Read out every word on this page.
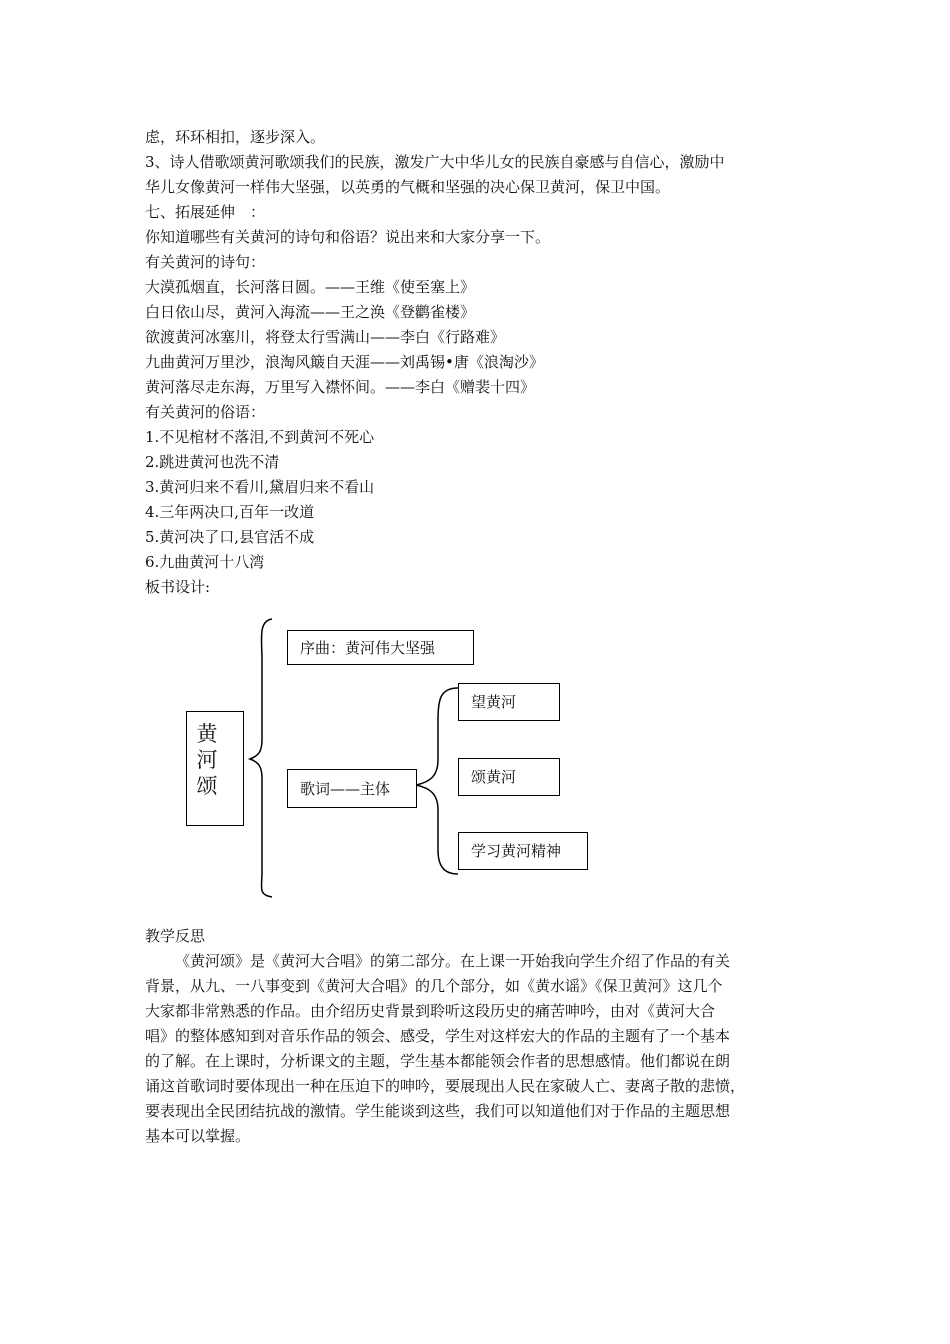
虑，环环相扣，逐步深入。
3、诗人借歌颂黄河歌颂我们的民族，激发广大中华儿女的民族自豪感与自信心，激励中
华儿女像黄河一样伟大坚强，以英勇的气概和坚强的决心保卫黄河，保卫中国。
七、拓展延伸　：
你知道哪些有关黄河的诗句和俗语？说出来和大家分享一下。
有关黄河的诗句：
大漠孤烟直，长河落日圆。——王维《使至塞上》
白日依山尽，黄河入海流——王之涣《登鹳雀楼》
欲渡黄河冰塞川，将登太行雪满山——李白《行路难》
九曲黄河万里沙，浪淘风簸自天涯——刘禹锡•唐《浪淘沙》
黄河落尽走东海，万里写入襟怀间。——李白《赠裴十四》
有关黄河的俗语：
1.不见棺材不落泪,不到黄河不死心
2.跳进黄河也洗不清
3.黄河归来不看川,黛眉归来不看山
4.三年两决口,百年一改道
5.黄河决了口,县官活不成
6.九曲黄河十八湾
板书设计:
黄
河
颂
序曲：黄河伟大坚强
歌词——主体
望黄河
颂黄河
学习黄河精神
教学反思
《黄河颂》是《黄河大合唱》的第二部分。在上课一开始我向学生介绍了作品的有关
背景，从九、一八事变到《黄河大合唱》的几个部分，如《黄水谣》《保卫黄河》这几个
大家都非常熟悉的作品。由介绍历史背景到聆听这段历史的痛苦呻吟，由对《黄河大合
唱》的整体感知到对音乐作品的领会、感受，学生对这样宏大的作品的主题有了一个基本
的了解。在上课时，分析课文的主题，学生基本都能领会作者的思想感情。他们都说在朗
诵这首歌词时要体现出一种在压迫下的呻吟，要展现出人民在家破人亡、妻离子散的悲愤，
要表现出全民团结抗战的激情。学生能谈到这些，我们可以知道他们对于作品的主题思想
基本可以掌握。
